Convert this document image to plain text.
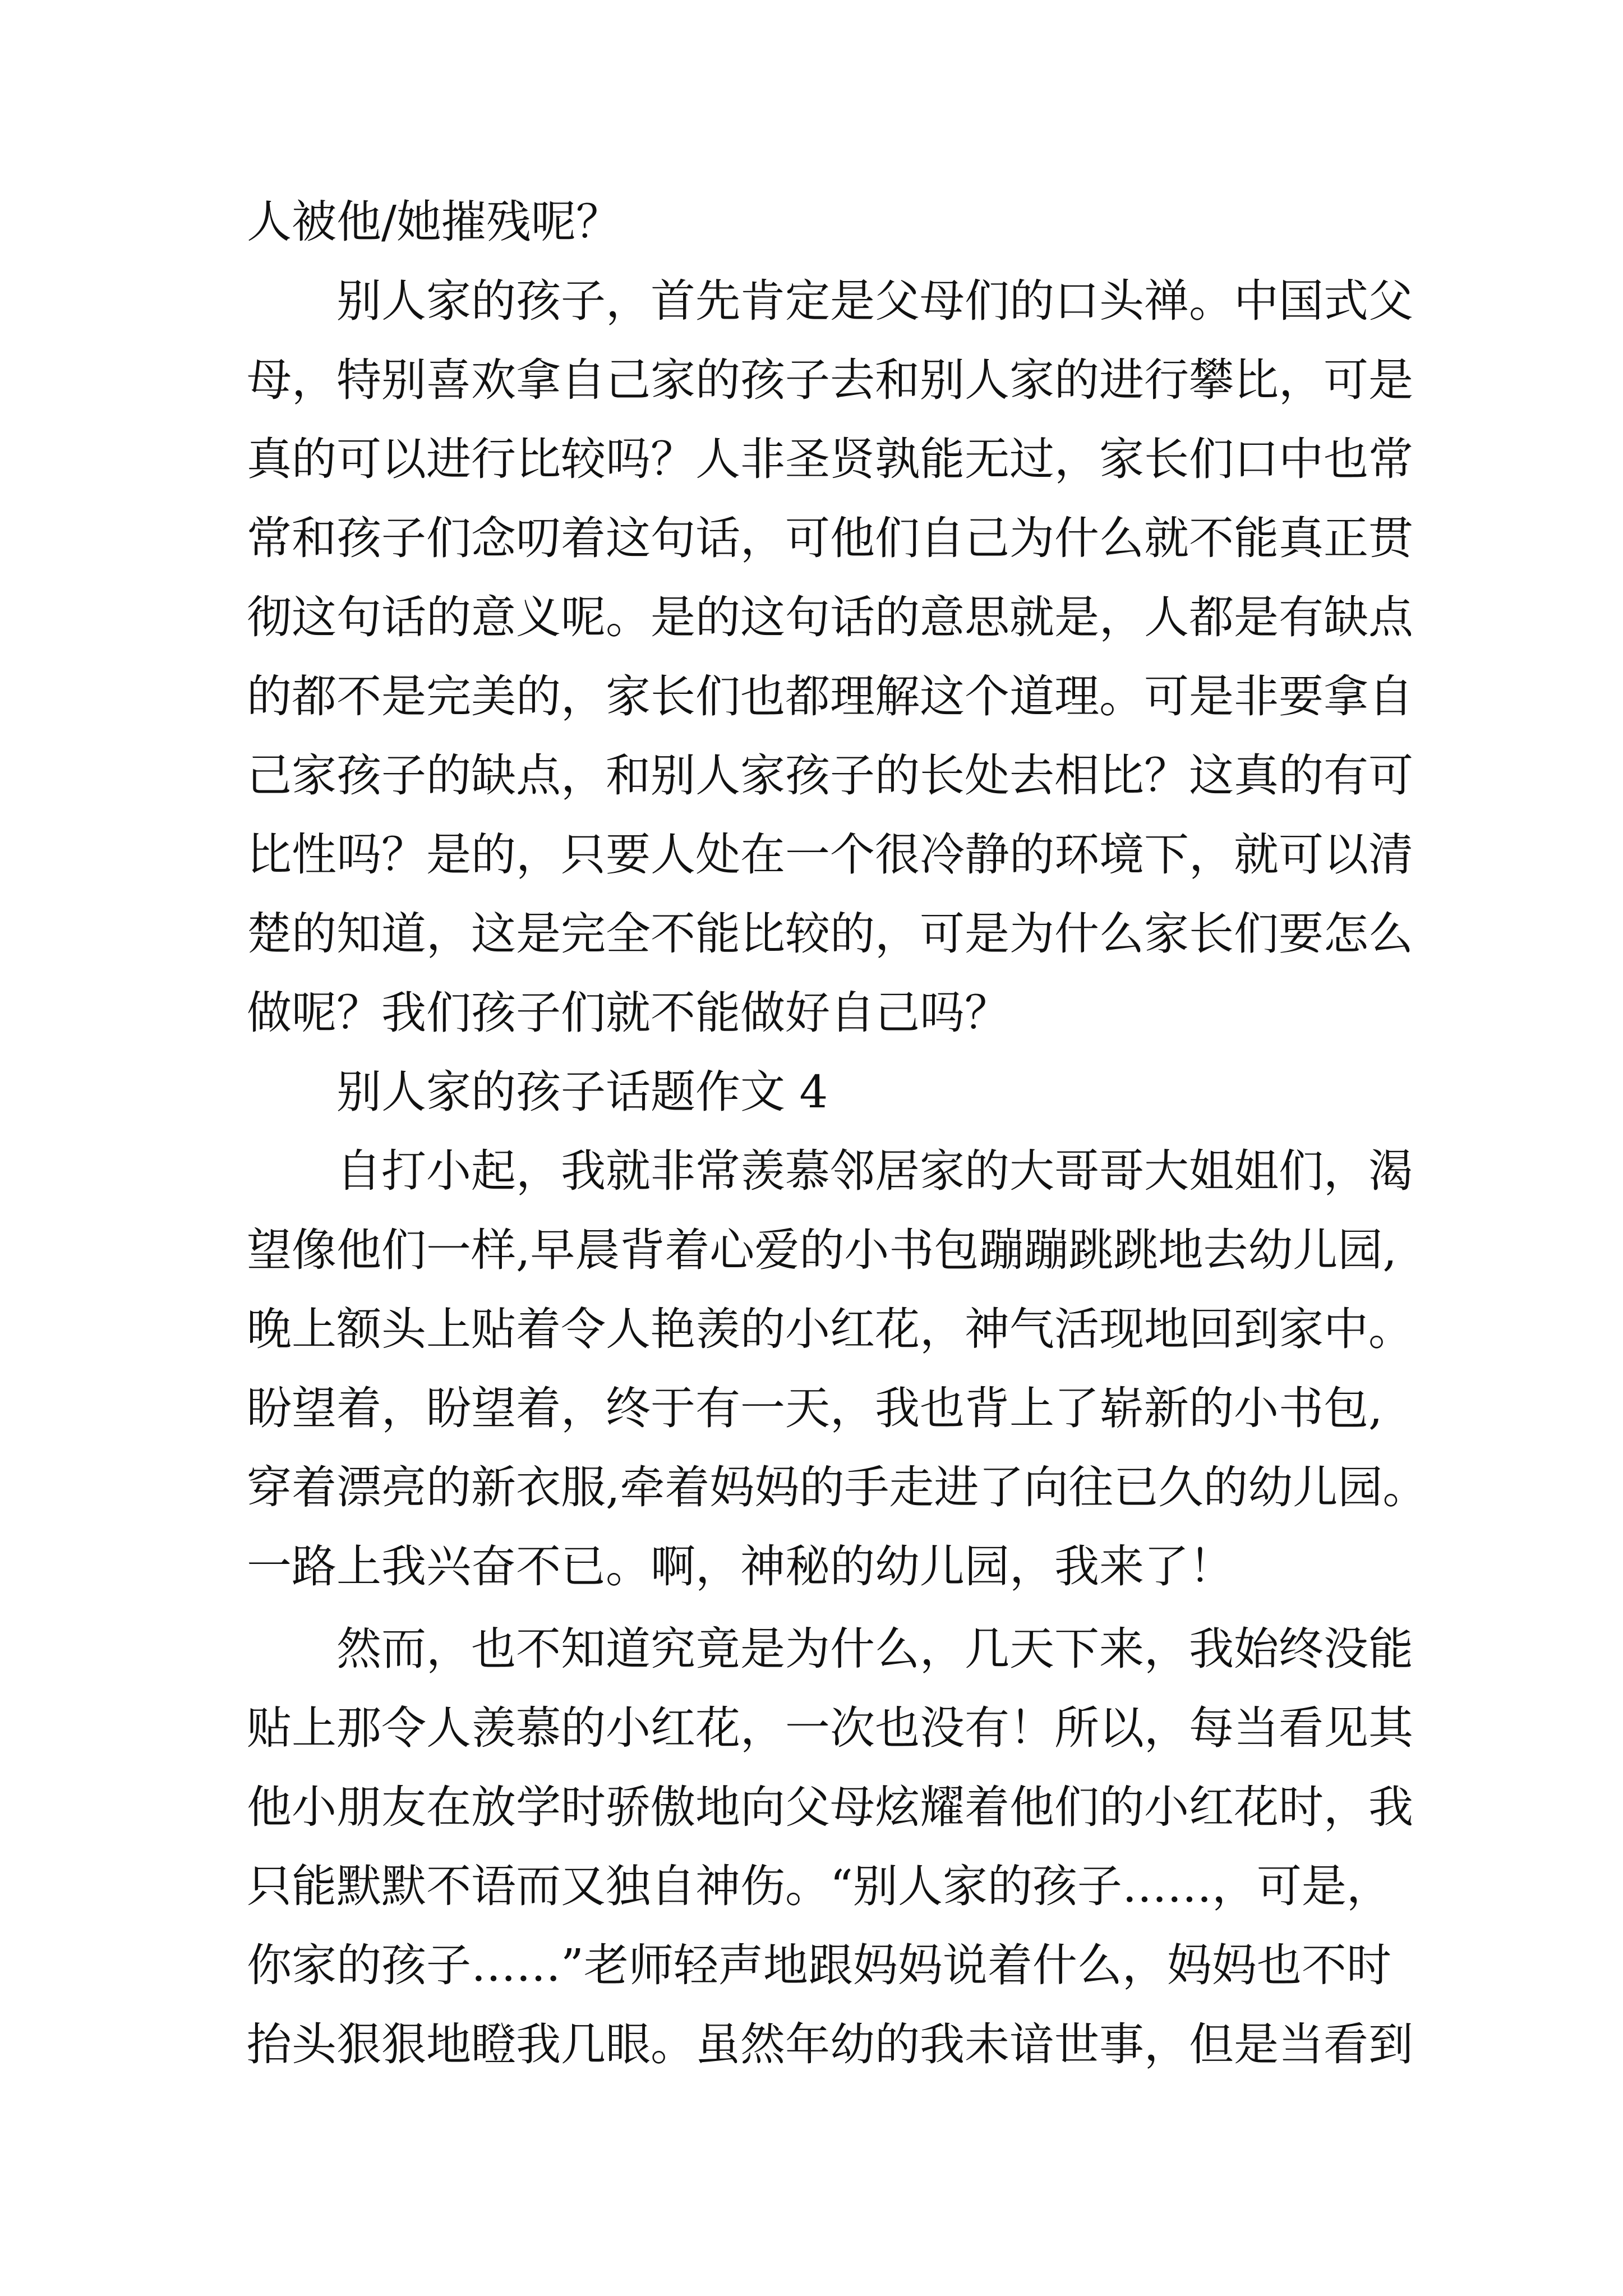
人被他/她摧残呢？
别人家的孩子，首先肯定是父母们的口头禅。中国式父
母，特别喜欢拿自己家的孩子去和别人家的进行攀比，可是
真的可以进行比较吗？人非圣贤孰能无过，家长们口中也常
常和孩子们念叨着这句话，可他们自己为什么就不能真正贯
彻这句话的意义呢。是的这句话的意思就是，人都是有缺点
的都不是完美的，家长们也都理解这个道理。可是非要拿自
己家孩子的缺点，和别人家孩子的长处去相比？这真的有可
比性吗？是的，只要人处在一个很冷静的环境下，就可以清
楚的知道，这是完全不能比较的，可是为什么家长们要怎么
做呢？我们孩子们就不能做好自己吗？
别人家的孩子话题作文 4
自打小起，我就非常羡慕邻居家的大哥哥大姐姐们，渴
望像他们一样,早晨背着心爱的小书包蹦蹦跳跳地去幼儿园,
晚上额头上贴着令人艳羡的小红花，神气活现地回到家中。
盼望着，盼望着，终于有一天，我也背上了崭新的小书包,
穿着漂亮的新衣服,牵着妈妈的手走进了向往已久的幼儿园。
一路上我兴奋不已。啊，神秘的幼儿园，我来了！
然而，也不知道究竟是为什么，几天下来，我始终没能
贴上那令人羡慕的小红花，一次也没有！所以，每当看见其
他小朋友在放学时骄傲地向父母炫耀着他们的小红花时，我
只能默默不语而又独自神伤。“别人家的孩子……，可是，
你家的孩子……”老师轻声地跟妈妈说着什么，妈妈也不时
抬头狠狠地瞪我几眼。虽然年幼的我未谙世事，但是当看到
